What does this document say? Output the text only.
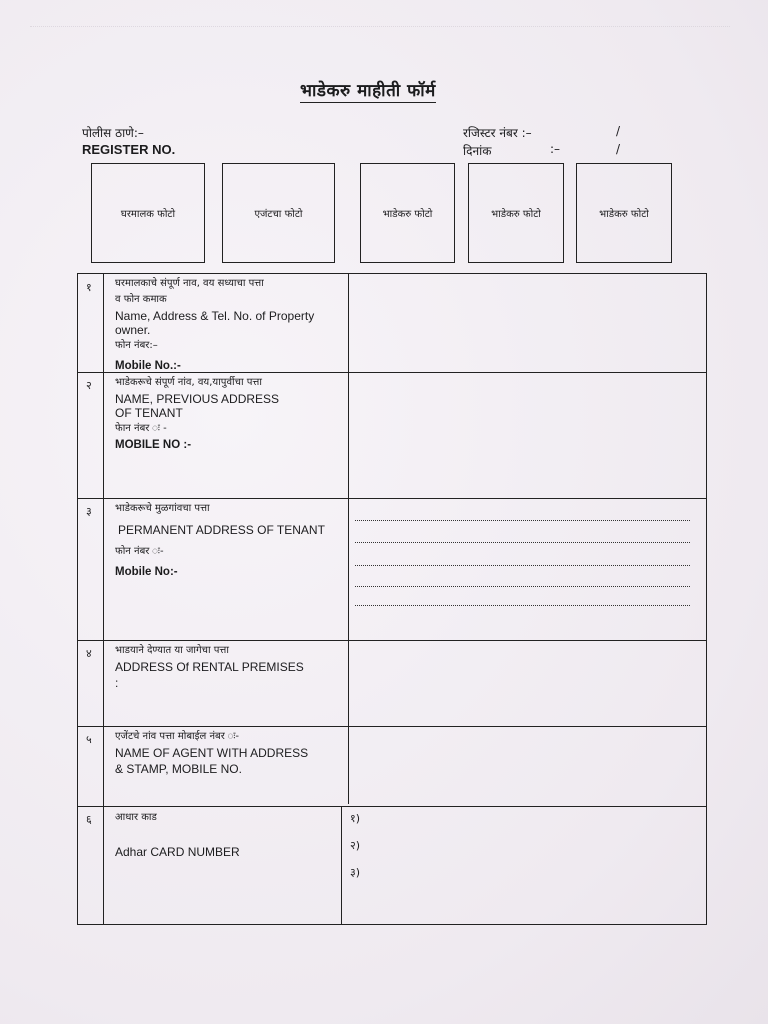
भाडेकरु माहीती फॉर्म
पोलीस ठाणे:–
REGISTER NO.
रजिस्टर नंबर :–	/
दिनांक	:–	/
घरमालक फोटो	एजंटचा फोटो	भाडेकरु फोटो	भाडेकरु फोटो	भाडेकरु फोटो
१ घरमालकाचे संपूर्ण नाव, वय सध्याचा पत्ता
व फोन कमाक
Name, Address & Tel. No. of Property
owner.
फोन नंबर:–
Mobile No.:-
२ भाडेकरूचे संपूर्ण नांव, वय,यापुर्वीचा पत्ता
NAME, PREVIOUS ADDRESS
OF TENANT
फेान नंबर ः -
MOBILE NO :-
३ भाडेकरूचे मुळगांवचा पत्ता
PERMANENT ADDRESS OF TENANT
फोन नंबर ः-
Mobile No:-
४ भाडयाने देण्यात या जागेचा पत्ता
ADDRESS Of RENTAL PREMISES
:
५ एजेंटचे नांव पत्ता मोबाईल नंबर ः-
NAME OF AGENT WITH ADDRESS
& STAMP, MOBILE NO.
६ आधार काड
Adhar CARD NUMBER
१)
२)
३)
